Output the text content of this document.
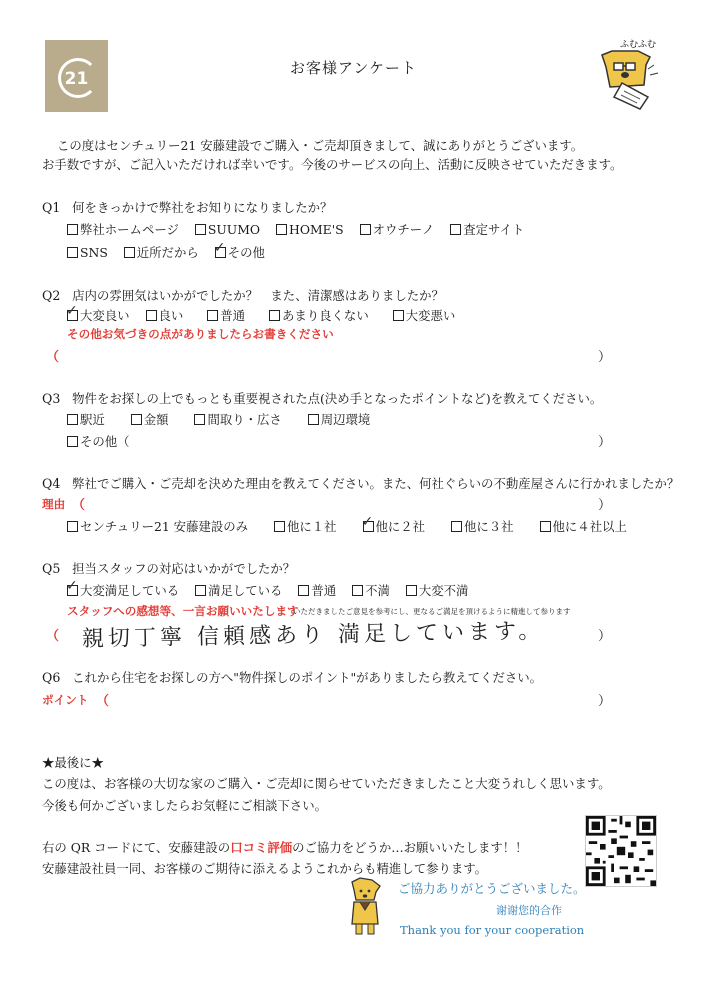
21
お客様アンケート
ふむふむ
この度はセンチュリー21 安藤建設でご購入・ご売却頂きまして、誠にありがとうございます。
お手数ですが、ご記入いただければ幸いです。今後のサービスの向上、活動に反映させていただきます。
Q1 何をきっかけで弊社をお知りになりましたか？
弊社ホームページ SUUMO HOME'S オウチーノ 査定サイト
SNS 近所だから ✓ その他
Q2 店内の雰囲気はいかがでしたか？　また、清潔感はありましたか？
✓ 大変良い 良い	普通	あまり良くない	大変悪い
その他お気づきの点がありましたらお書きください
（	）
Q3 物件をお探しの上でもっとも重要視された点(決め手となったポイントなど)を教えてください。
駅近	金額	間取り・広さ	周辺環境
その他（	）
Q4 弊社でご購入・ご売却を決めた理由を教えてください。また、何社ぐらいの不動産屋さんに行かれましたか？
理由 （	）
センチュリー21 安藤建設のみ	他に１社 ✓ 他に２社	他に３社	他に４社以上
Q5 担当スタッフの対応はいかがでしたか？
✓ 大変満足している 満足している 普通 不満 大変不満
スタッフへの感想等、一言お願いいたします
いただきましたご意見を参考にし、更なるご満足を頂けるように精進して参ります
（	）
親切丁寧 信頼感あり 満足しています。
Q6 これから住宅をお探しの方へ"物件探しのポイント"がありましたら教えてください。
ポイント （	）
★最後に★
この度は、お客様の大切な家のご購入・ご売却に関らせていただきましたこと大変うれしく思います。
今後も何かございましたらお気軽にご相談下さい。
右の QR コードにて、安藤建設の口コミ評価のご協力をどうか…お願いいたします！！
安藤建設社員一同、お客様のご期待に添えるようこれからも精進して参ります。
ご協力ありがとうございました。
谢谢您的合作
Thank you for your cooperation
